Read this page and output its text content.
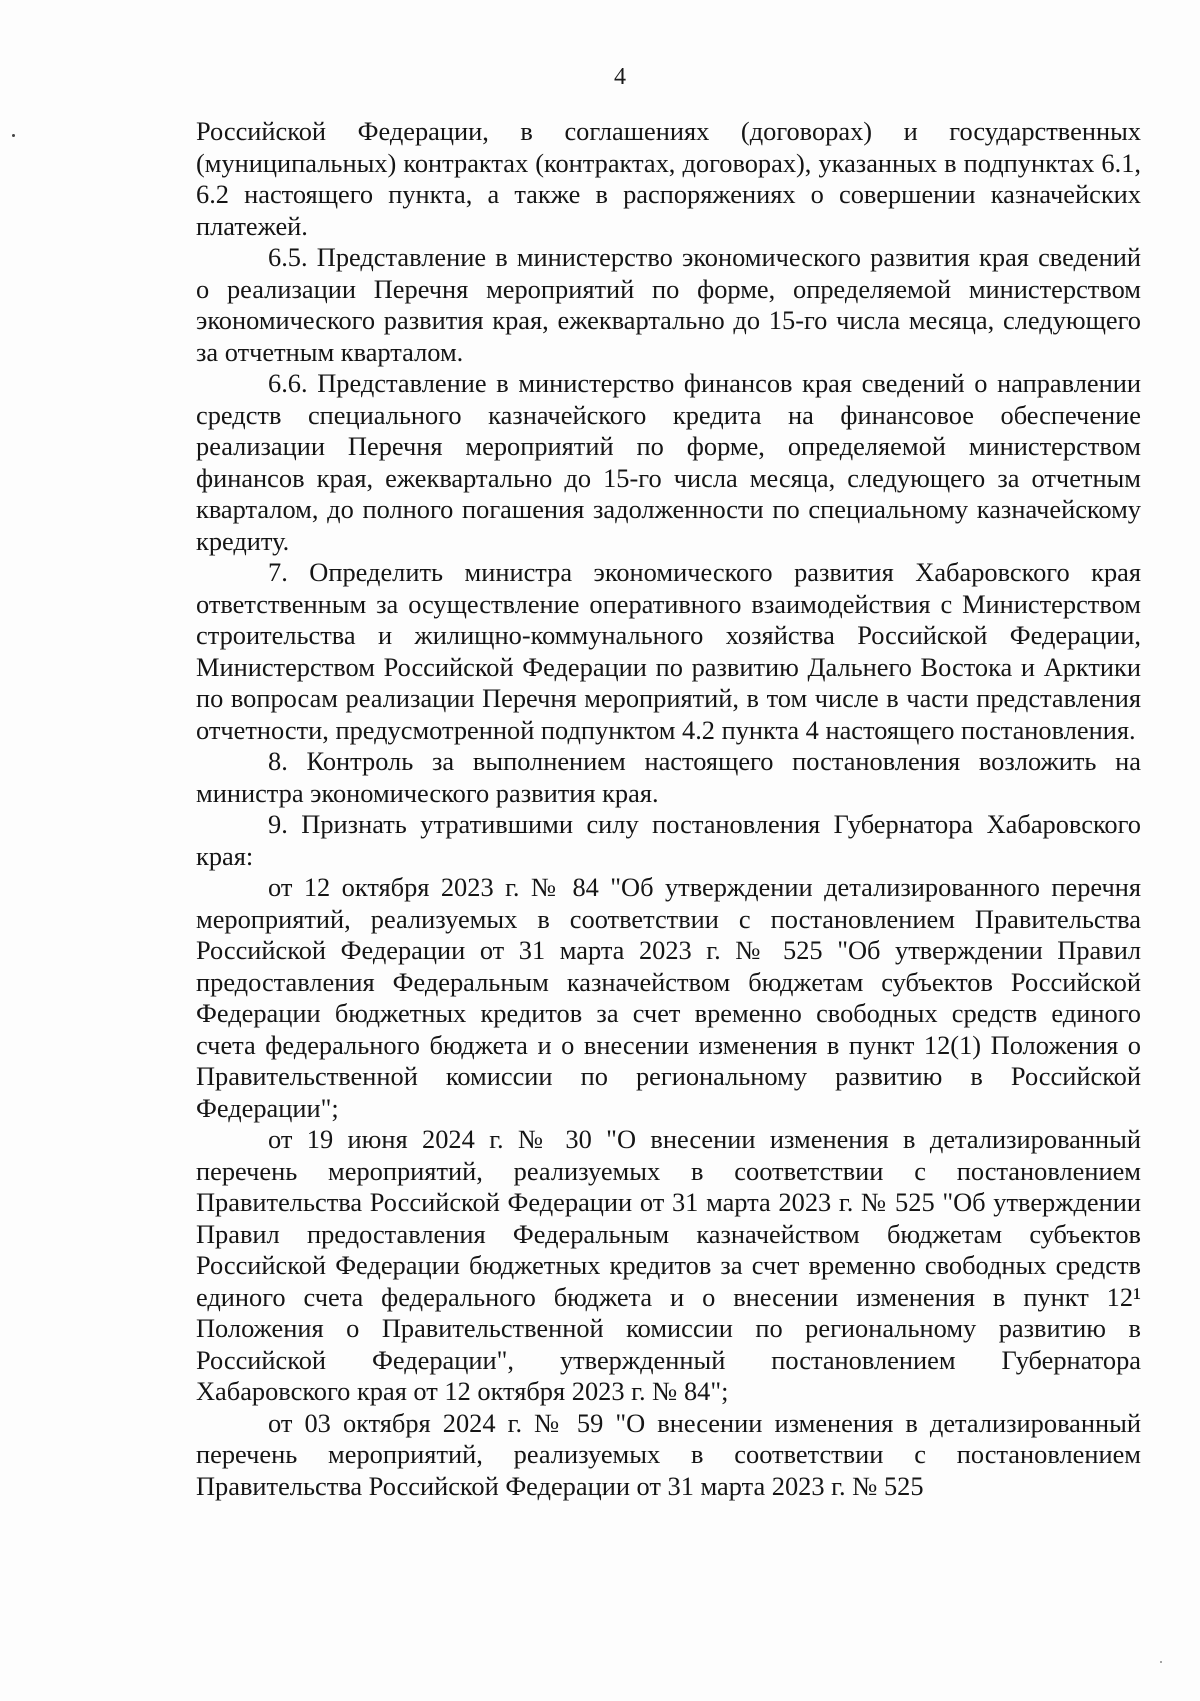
4

Российской Федерации, в соглашениях (договорах) и государственных (муниципальных) контрактах (контрактах, договорах), указанных в подпунктах 6.1, 6.2 настоящего пункта, а также в распоряжениях о совершении казначейских платежей.

6.5. Представление в министерство экономического развития края сведений о реализации Перечня мероприятий по форме, определяемой министерством экономического развития края, ежеквартально до 15-го числа месяца, следующего за отчетным кварталом.

6.6. Представление в министерство финансов края сведений о направлении средств специального казначейского кредита на финансовое обеспечение реализации Перечня мероприятий по форме, определяемой министерством финансов края, ежеквартально до 15-го числа месяца, следующего за отчетным кварталом, до полного погашения задолженности по специальному казначейскому кредиту.

7. Определить министра экономического развития Хабаровского края ответственным за осуществление оперативного взаимодействия с Министерством строительства и жилищно-коммунального хозяйства Российской Федерации, Министерством Российской Федерации по развитию Дальнего Востока и Арктики по вопросам реализации Перечня мероприятий, в том числе в части представления отчетности, предусмотренной подпунктом 4.2 пункта 4 настоящего постановления.

8. Контроль за выполнением настоящего постановления возложить на министра экономического развития края.

9. Признать утратившими силу постановления Губернатора Хабаровского края:

от 12 октября 2023 г. № 84 "Об утверждении детализированного перечня мероприятий, реализуемых в соответствии с постановлением Правительства Российской Федерации от 31 марта 2023 г. № 525 "Об утверждении Правил предоставления Федеральным казначейством бюджетам субъектов Российской Федерации бюджетных кредитов за счет временно свободных средств единого счета федерального бюджета и о внесении изменения в пункт 12(1) Положения о Правительственной комиссии по региональному развитию в Российской Федерации";

от 19 июня 2024 г. № 30 "О внесении изменения в детализированный перечень мероприятий, реализуемых в соответствии с постановлением Правительства Российской Федерации от 31 марта 2023 г. № 525 "Об утверждении Правил предоставления Федеральным казначейством бюджетам субъектов Российской Федерации бюджетных кредитов за счет временно свободных средств единого счета федерального бюджета и о внесении изменения в пункт 12¹ Положения о Правительственной комиссии по региональному развитию в Российской Федерации", утвержденный постановлением Губернатора Хабаровского края от 12 октября 2023 г. № 84";

от 03 октября 2024 г. № 59 "О внесении изменения в детализированный перечень мероприятий, реализуемых в соответствии с постановлением Правительства Российской Федерации от 31 марта 2023 г. № 525
